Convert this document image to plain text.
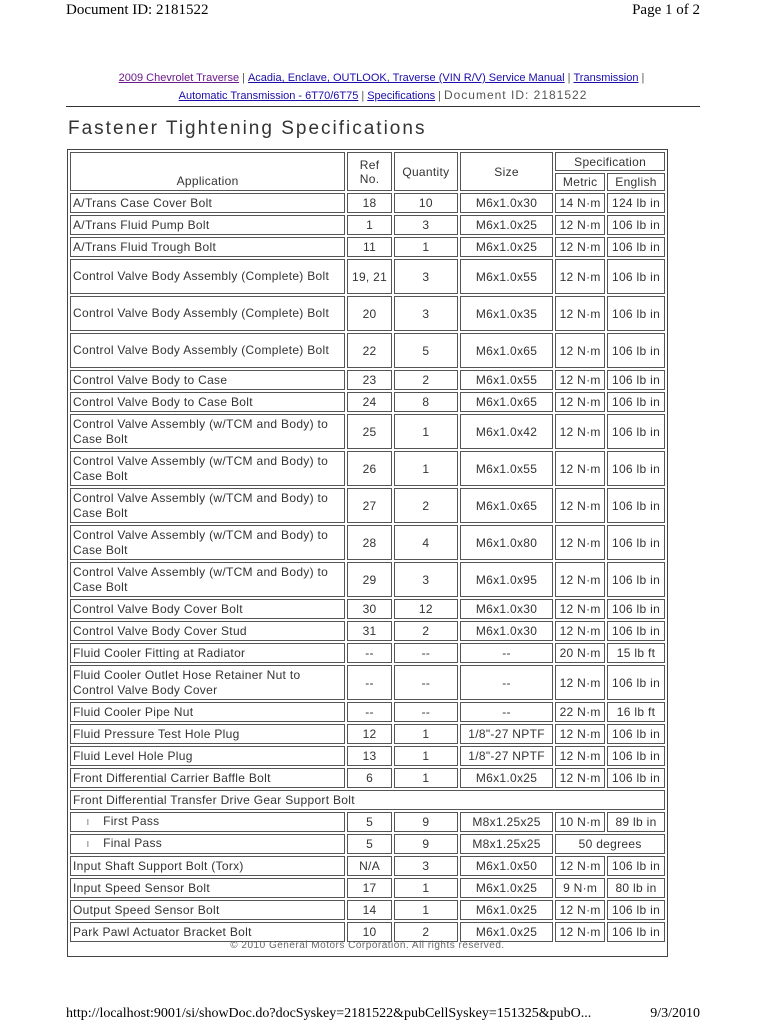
Document ID: 2181522	Page 1 of 2
2009 Chevrolet Traverse | Acadia, Enclave, OUTLOOK, Traverse (VIN R/V) Service Manual | Transmission |
Automatic Transmission - 6T70/6T75 | Specifications | Document ID: 2181522
Fastener Tightening Specifications
Application	Ref No.	Quantity	Size	Specification	
				Metric	English
A/Trans Case Cover Bolt	18	10	M6x1.0x30	14 N·m	124 lb in
A/Trans Fluid Pump Bolt	1	3	M6x1.0x25	12 N·m	106 lb in
A/Trans Fluid Trough Bolt	11	1	M6x1.0x25	12 N·m	106 lb in
Control Valve Body Assembly (Complete) Bolt	19, 21	3	M6x1.0x55	12 N·m	106 lb in
Control Valve Body Assembly (Complete) Bolt	20	3	M6x1.0x35	12 N·m	106 lb in
Control Valve Body Assembly (Complete) Bolt	22	5	M6x1.0x65	12 N·m	106 lb in
Control Valve Body to Case	23	2	M6x1.0x55	12 N·m	106 lb in
Control Valve Body to Case Bolt	24	8	M6x1.0x65	12 N·m	106 lb in
Control Valve Assembly (w/TCM and Body) to Case Bolt	25	1	M6x1.0x42	12 N·m	106 lb in
Control Valve Assembly (w/TCM and Body) to Case Bolt	26	1	M6x1.0x55	12 N·m	106 lb in
Control Valve Assembly (w/TCM and Body) to Case Bolt	27	2	M6x1.0x65	12 N·m	106 lb in
Control Valve Assembly (w/TCM and Body) to Case Bolt	28	4	M6x1.0x80	12 N·m	106 lb in
Control Valve Assembly (w/TCM and Body) to Case Bolt	29	3	M6x1.0x95	12 N·m	106 lb in
Control Valve Body Cover Bolt	30	12	M6x1.0x30	12 N·m	106 lb in
Control Valve Body Cover Stud	31	2	M6x1.0x30	12 N·m	106 lb in
Fluid Cooler Fitting at Radiator	--	--	--	20 N·m	15 lb ft
Fluid Cooler Outlet Hose Retainer Nut to Control Valve Body Cover	--	--	--	12 N·m	106 lb in
Fluid Cooler Pipe Nut	--	--	--	22 N·m	16 lb ft
Fluid Pressure Test Hole Plug	12	1	1/8"-27 NPTF	12 N·m	106 lb in
Fluid Level Hole Plug	13	1	1/8"-27 NPTF	12 N·m	106 lb in
Front Differential Carrier Baffle Bolt	6	1	M6x1.0x25	12 N·m	106 lb in
Front Differential Transfer Drive Gear Support Bolt					
l First Pass	5	9	M8x1.25x25	10 N·m	89 lb in
l Final Pass	5	9	M8x1.25x25	50 degrees	
Input Shaft Support Bolt (Torx)	N/A	3	M6x1.0x50	12 N·m	106 lb in
Input Speed Sensor Bolt	17	1	M6x1.0x25	9 N·m	80 lb in
Output Speed Sensor Bolt	14	1	M6x1.0x25	12 N·m	106 lb in
Park Pawl Actuator Bracket Bolt	10	2	M6x1.0x25	12 N·m	106 lb in

© 2010 General Motors Corporation. All rights reserved.					
http://localhost:9001/si/showDoc.do?docSyskey=2181522&pubCellSyskey=151325&pubO...	9/3/2010
